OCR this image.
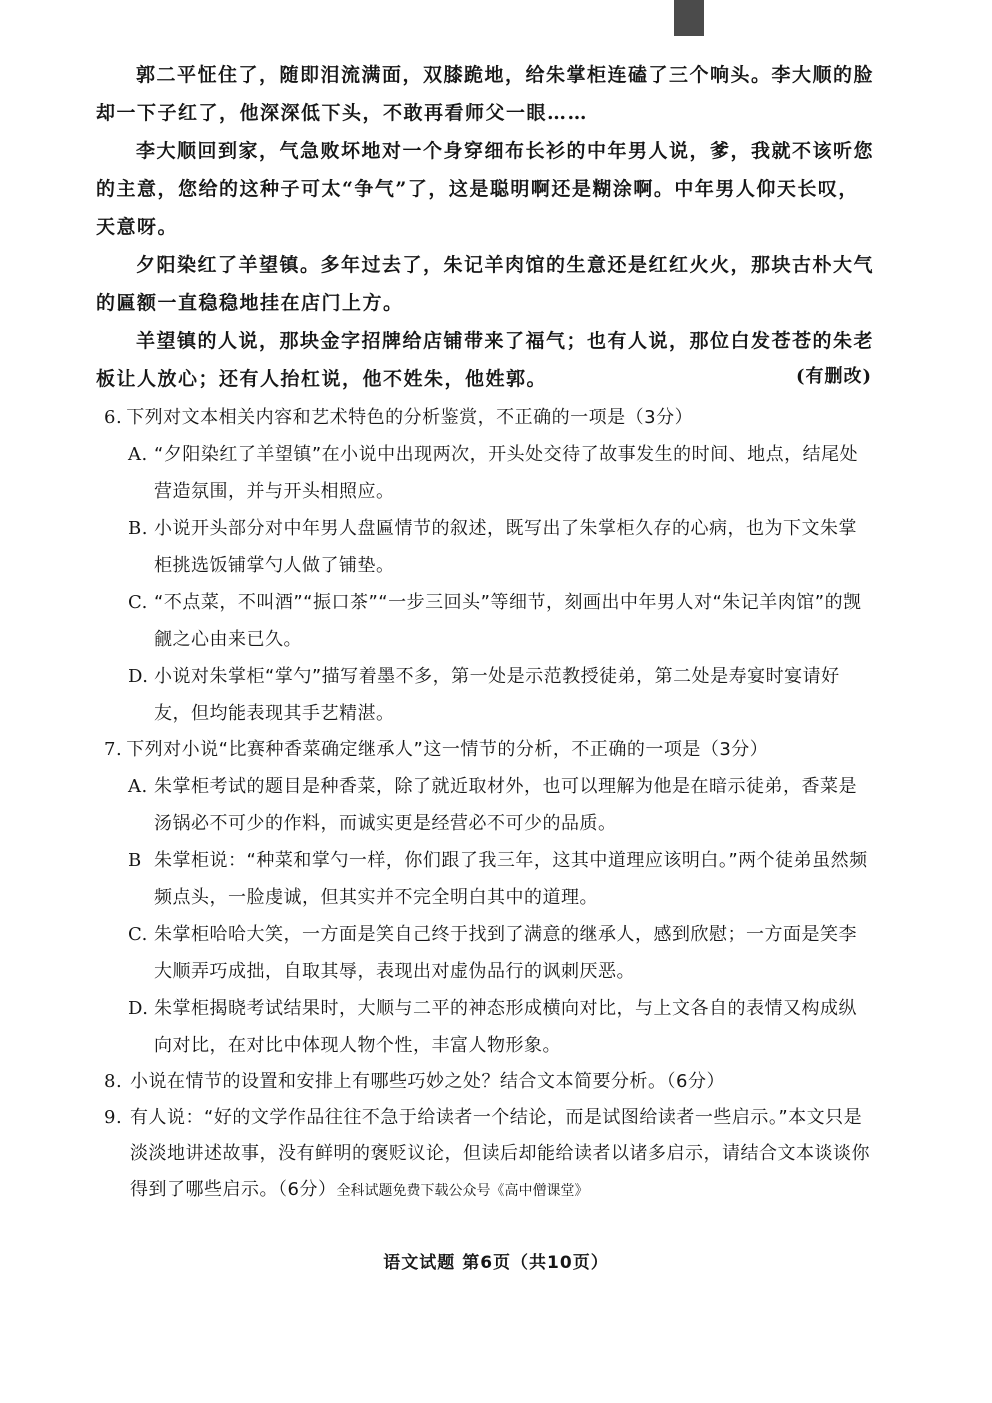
郭二平怔住了，随即泪流满面，双膝跪地，给朱掌柜连磕了三个响头。李大顺的脸却一下子红了，他深深低下头，不敢再看师父一眼……

李大顺回到家，气急败坏地对一个身穿细布长衫的中年男人说，爹，我就不该听您的主意，您给的这种子可太“争气”了，这是聪明啊还是糊涂啊。中年男人仰天长叹，天意呀。

夕阳染红了羊望镇。多年过去了，朱记羊肉馆的生意还是红红火火，那块古朴大气的匾额一直稳稳地挂在店门上方。

羊望镇的人说，那块金字招牌给店铺带来了福气；也有人说，那位白发苍苍的朱老板让人放心；还有人抬杠说，他不姓朱，他姓郭。	(有删改)
6. 下列对文本相关内容和艺术特色的分析鉴赏，不正确的一项是（3分）
A. “夕阳染红了羊望镇”在小说中出现两次，开头处交待了故事发生的时间、地点，结尾处营造氛围，并与开头相照应。
B. 小说开头部分对中年男人盘匾情节的叙述，既写出了朱掌柜久存的心病，也为下文朱掌柜挑选饭铺掌勺人做了铺垫。
C. “不点菜，不叫酒”“振口茶”“一步三回头”等细节，刻画出中年男人对“朱记羊肉馆”的觊觎之心由来已久。
D. 小说对朱掌柜“掌勺”描写着墨不多，第一处是示范教授徒弟，第二处是寿宴时宴请好友，但均能表现其手艺精湛。
7. 下列对小说“比赛种香菜确定继承人”这一情节的分析，不正确的一项是（3分）
A. 朱掌柜考试的题目是种香菜，除了就近取材外，也可以理解为他是在暗示徒弟，香菜是汤锅必不可少的作料，而诚实更是经营必不可少的品质。
B 朱掌柜说：“种菜和掌勺一样，你们跟了我三年，这其中道理应该明白。”两个徒弟虽然频频点头，一脸虔诚，但其实并不完全明白其中的道理。
C. 朱掌柜哈哈大笑，一方面是笑自己终于找到了满意的继承人，感到欣慰；一方面是笑李大顺弄巧成拙，自取其辱，表现出对虚伪品行的讽刺厌恶。
D. 朱掌柜揭晓考试结果时，大顺与二平的神态形成横向对比，与上文各自的表情又构成纵向对比，在对比中体现人物个性，丰富人物形象。
8. 小说在情节的设置和安排上有哪些巧妙之处？结合文本简要分析。（6分）
9. 有人说：“好的文学作品往往不急于给读者一个结论，而是试图给读者一些启示。”本文只是淡淡地讲述故事，没有鲜明的褒贬议论，但读后却能给读者以诸多启示，请结合文本谈谈你得到了哪些启示。（6分）全科试题免费下载公众号《高中僧课堂》
语文试题 第6页（共10页）
